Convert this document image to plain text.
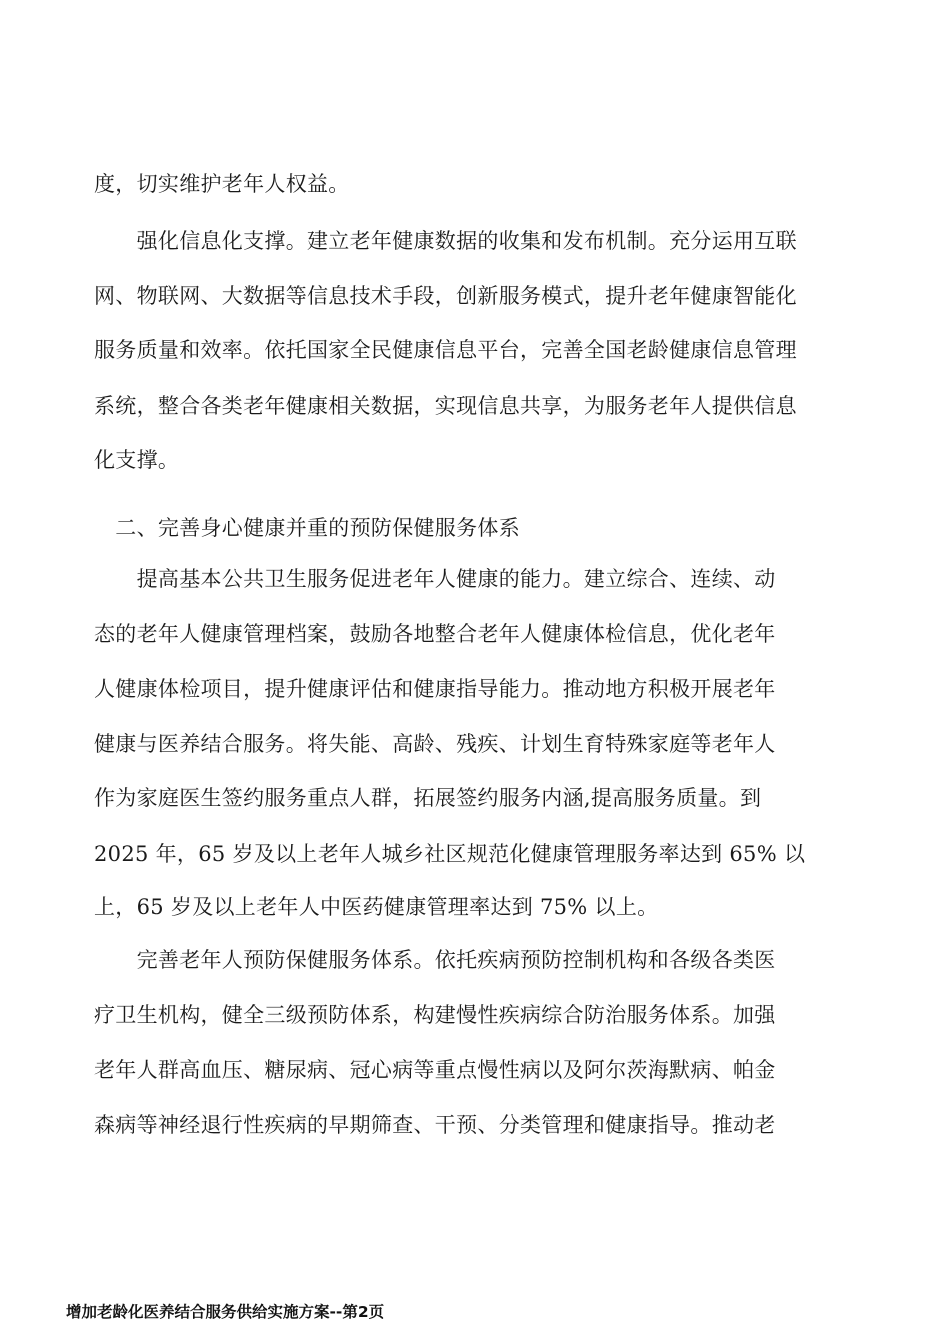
度，切实维护老年人权益。
　　强化信息化支撑。建立老年健康数据的收集和发布机制。充分运用互联
网、物联网、大数据等信息技术手段，创新服务模式，提升老年健康智能化
服务质量和效率。依托国家全民健康信息平台，完善全国老龄健康信息管理
系统，整合各类老年健康相关数据，实现信息共享，为服务老年人提供信息
化支撑。
　二、完善身心健康并重的预防保健服务体系
　　提高基本公共卫生服务促进老年人健康的能力。建立综合、连续、动
态的老年人健康管理档案，鼓励各地整合老年人健康体检信息，优化老年
人健康体检项目，提升健康评估和健康指导能力。推动地方积极开展老年
健康与医养结合服务。将失能、高龄、残疾、计划生育特殊家庭等老年人
作为家庭医生签约服务重点人群，拓展签约服务内涵,提高服务质量。到
2025 年，65 岁及以上老年人城乡社区规范化健康管理服务率达到 65% 以
上，65 岁及以上老年人中医药健康管理率达到 75% 以上。
　　完善老年人预防保健服务体系。依托疾病预防控制机构和各级各类医
疗卫生机构，健全三级预防体系，构建慢性疾病综合防治服务体系。加强
老年人群高血压、糖尿病、冠心病等重点慢性病以及阿尔茨海默病、帕金
森病等神经退行性疾病的早期筛查、干预、分类管理和健康指导。推动老
增加老龄化医养结合服务供给实施方案--第2页
